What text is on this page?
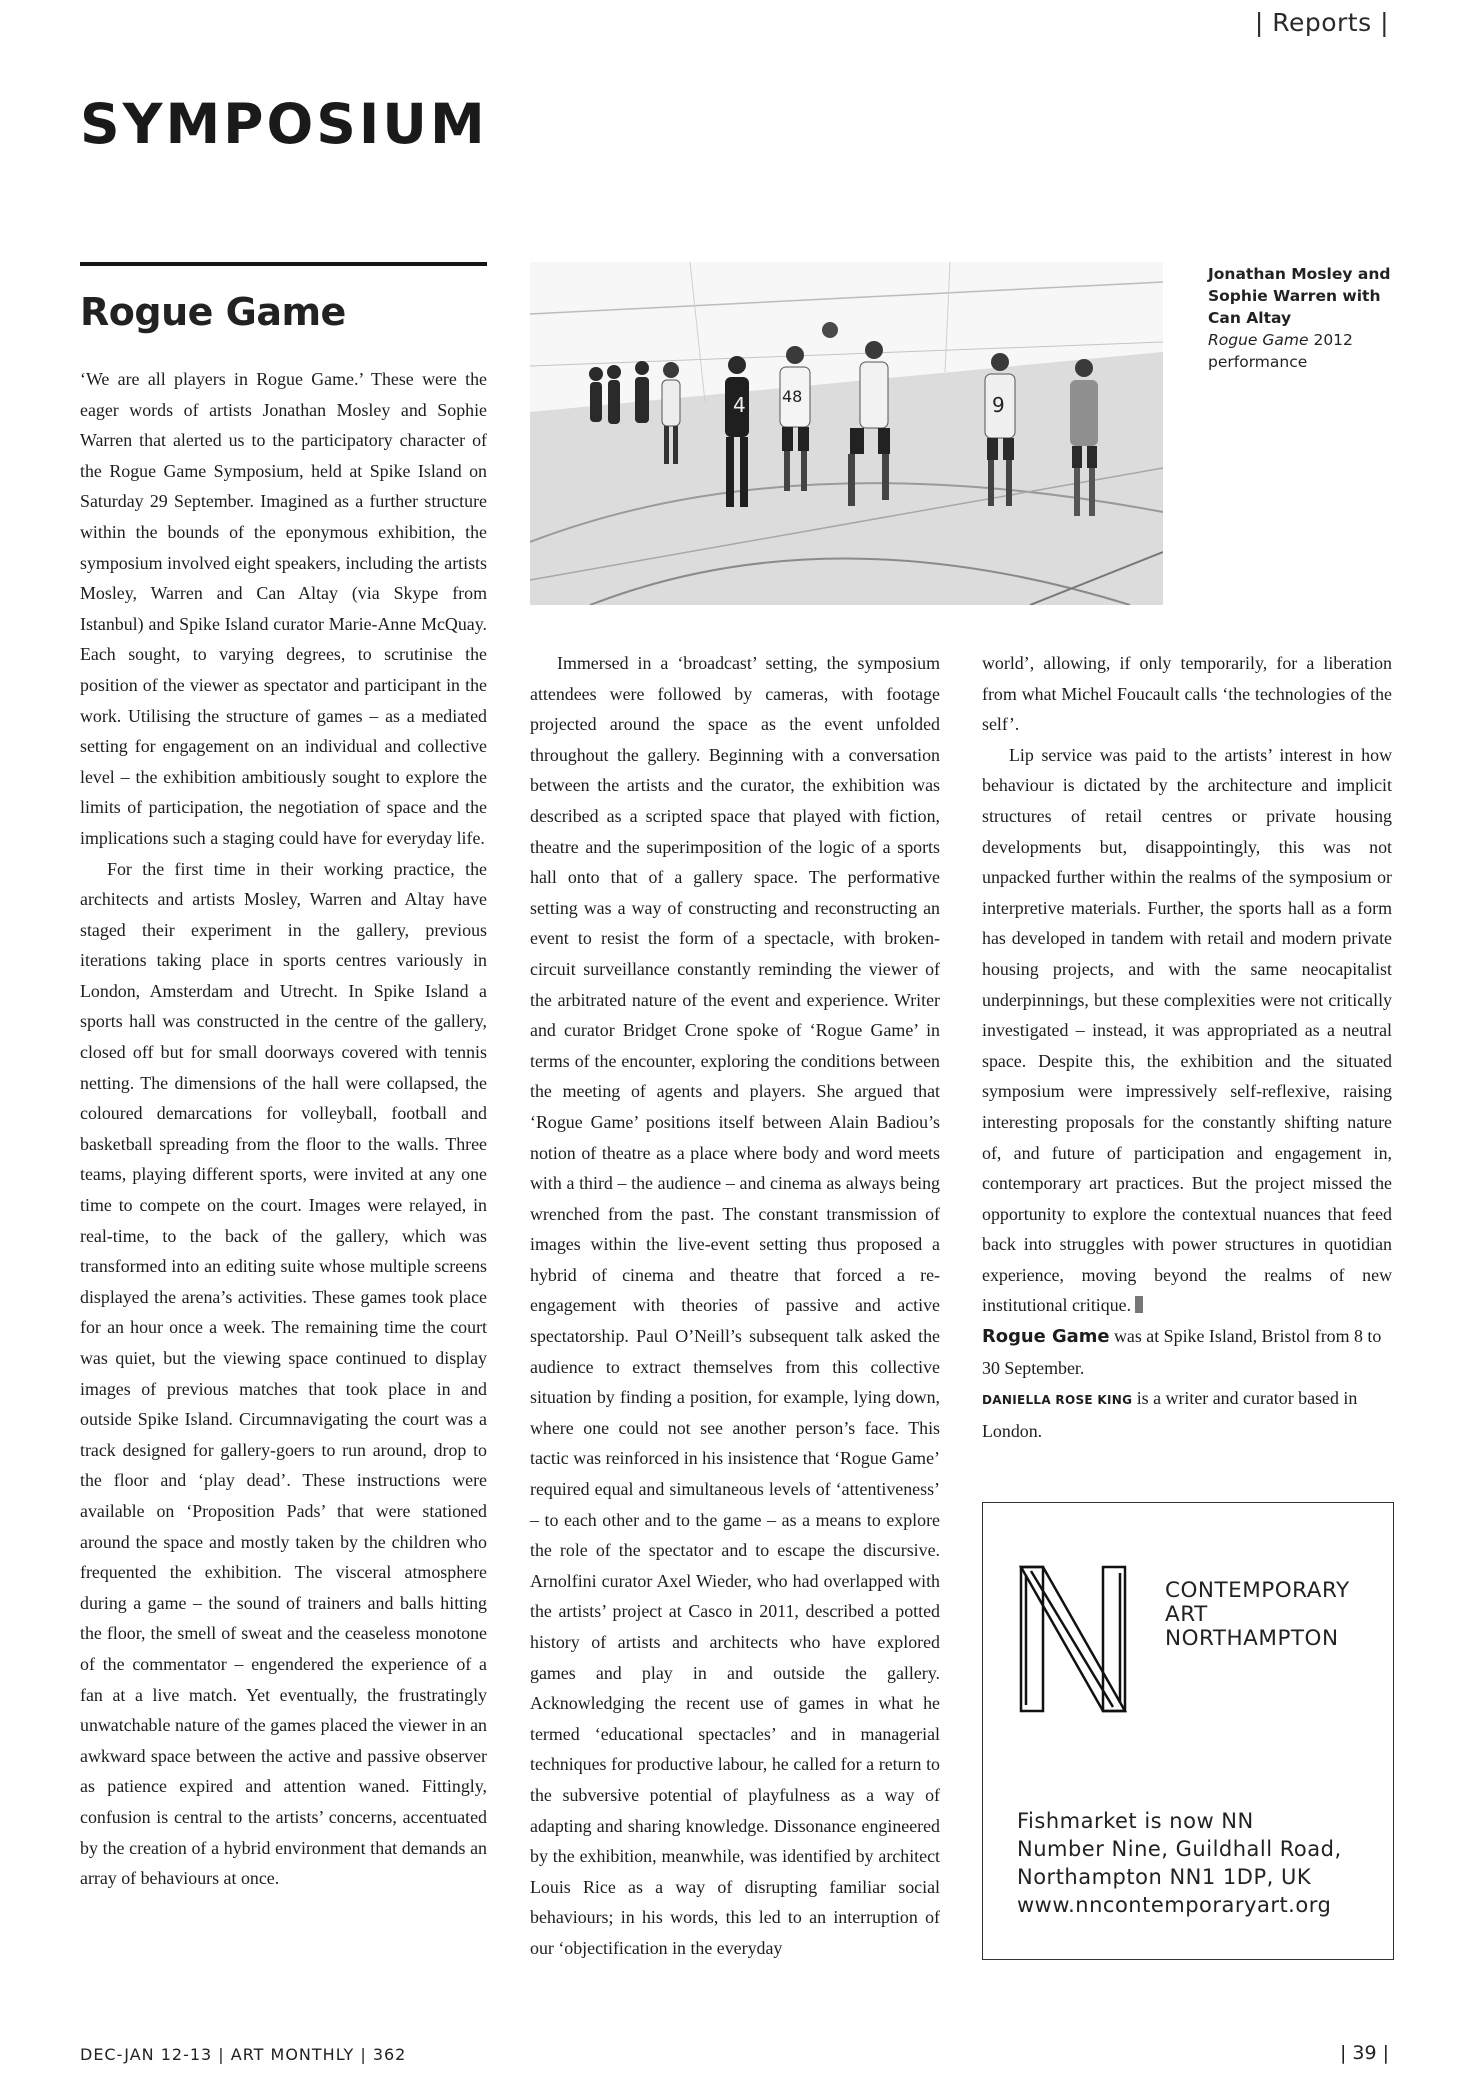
| Reports |
SYMPOSIUM
Rogue Game

‘We are all players in Rogue Game.’ These were the eager words of artists Jonathan Mosley and Sophie Warren that alerted us to the participatory character of the Rogue Game Symposium, held at Spike Island on Saturday 29 September. Imagined as a further structure within the bounds of the eponymous exhibition, the symposium involved eight speakers, including the artists Mosley, Warren and Can Altay (via Skype from Istanbul) and Spike Island curator Marie-Anne McQuay. Each sought, to varying degrees, to scrutinise the position of the viewer as spectator and participant in the work. Utilising the structure of games – as a mediated setting for engagement on an individual and collective level – the exhibition ambitiously sought to explore the limits of participation, the negotiation of space and the implications such a staging could have for everyday life.

For the first time in their working practice, the architects and artists Mosley, Warren and Altay have staged their experiment in the gallery, previous iterations taking place in sports centres variously in London, Amsterdam and Utrecht. In Spike Island a sports hall was constructed in the centre of the gallery, closed off but for small doorways covered with tennis netting. The dimensions of the hall were collapsed, the coloured demarcations for volleyball, football and basketball spreading from the floor to the walls. Three teams, playing different sports, were invited at any one time to compete on the court. Images were relayed, in real-time, to the back of the gallery, which was transformed into an editing suite whose multiple screens displayed the arena’s activities. These games took place for an hour once a week. The remaining time the court was quiet, but the viewing space continued to display images of previous matches that took place in and outside Spike Island. Circumnavigating the court was a track designed for gallery-goers to run around, drop to the floor and ‘play dead’. These instructions were available on ‘Proposition Pads’ that were stationed around the space and mostly taken by the children who frequented the exhibition. The visceral atmosphere during a game – the sound of trainers and balls hitting the floor, the smell of sweat and the ceaseless monotone of the commentator – engendered the experience of a fan at a live match. Yet eventually, the frustratingly unwatchable nature of the games placed the viewer in an awkward space between the active and passive observer as patience expired and attention waned. Fittingly, confusion is central to the artists’ concerns, accentuated by the creation of a hybrid environment that demands an array of behaviours at once.

4 48	9
Jonathan Mosley and Sophie Warren with Can Altay
Rogue Game 2012 performance

Immersed in a ‘broadcast’ setting, the symposium attendees were followed by cameras, with footage projected around the space as the event unfolded throughout the gallery. Beginning with a conversation between the artists and the curator, the exhibition was described as a scripted space that played with fiction, theatre and the superimposition of the logic of a sports hall onto that of a gallery space. The performative setting was a way of constructing and reconstructing an event to resist the form of a spectacle, with broken-circuit surveillance constantly reminding the viewer of the arbitrated nature of the event and experience. Writer and curator Bridget Crone spoke of ‘Rogue Game’ in terms of the encounter, exploring the conditions between the meeting of agents and players. She argued that ‘Rogue Game’ positions itself between Alain Badiou’s notion of theatre as a place where body and word meets with a third – the audience – and cinema as always being wrenched from the past. The constant transmission of images within the live-event setting thus proposed a hybrid of cinema and theatre that forced a re-engagement with theories of passive and active spectatorship. Paul O’Neill’s subsequent talk asked the audience to extract themselves from this collective situation by finding a position, for example, lying down, where one could not see another person’s face. This tactic was reinforced in his insistence that ‘Rogue Game’ required equal and simultaneous levels of ‘attentiveness’ – to each other and to the game – as a means to explore the role of the spectator and to escape the discursive. Arnolfini curator Axel Wieder, who had overlapped with the artists’ project at Casco in 2011, described a potted history of artists and architects who have explored games and play in and outside the gallery. Acknowledging the recent use of games in what he termed ‘educational spectacles’ and in managerial techniques for productive labour, he called for a return to the subversive potential of playfulness as a way of adapting and sharing knowledge. Dissonance engineered by the exhibition, meanwhile, was identified by architect Louis Rice as a way of disrupting familiar social behaviours; in his words, this led to an interruption of our ‘objectification in the everyday

world’, allowing, if only temporarily, for a liberation from what Michel Foucault calls ‘the technologies of the self’.

Lip service was paid to the artists’ interest in how behaviour is dictated by the architecture and implicit structures of retail centres or private housing developments but, disappointingly, this was not unpacked further within the realms of the symposium or interpretive materials. Further, the sports hall as a form has developed in tandem with retail and modern private housing projects, and with the same neocapitalist underpinnings, but these complexities were not critically investigated – instead, it was appropriated as a neutral space. Despite this, the exhibition and the situated symposium were impressively self-reflexive, raising interesting proposals for the constantly shifting nature of, and future of participation and engagement in, contemporary art practices. But the project missed the opportunity to explore the contextual nuances that feed back into struggles with power structures in quotidian experience, moving beyond the realms of new institutional critique.

Rogue Game was at Spike Island, Bristol from 8 to 30 September.

DANIELLA ROSE KING is a writer and curator based in London.

CONTEMPORARY
ART
NORTHAMPTON
Fishmarket is now NN
Number Nine, Guildhall Road,
Northampton NN1 1DP, UK
www.nncontemporaryart.org
DEC-JAN 12-13 | ART MONTHLY | 362	| 39 |
